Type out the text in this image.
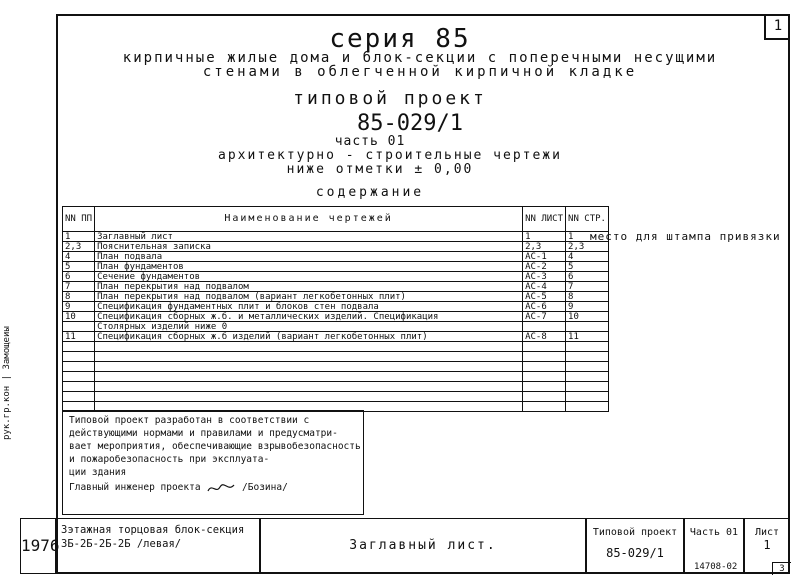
1
серия 85
кирпичные жилые дома и блок-секции с поперечными несущими
стенами в облегченной кирпичной кладке
типовой проект
85-029/1
часть 01
архитектурно - строительные чертежи
ниже отметки ± 0,00
содержание
место для штампа привязки
NN ПП	Наименование чертежей	NN ЛИСТ	NN СТР.
1	Заглавный лист	1	1
2,3	Пояснительная записка	2,3	2,3
4	План подвала	АС-1	4
5	План фундаментов	АС-2	5
6	Сечение фундаментов	АС-3	6
7	План перекрытия над подвалом	АС-4	7
8	План перекрытия над подвалом (вариант легкобетонных плит)	АС-5	8
9	Спецификация фундаментных плит и блоков стен подвала	АС-6	9
10	Спецификация сборных ж.б. и металлических изделий. Спецификация	АС-7	10
	Столярных изделий ниже 0		
11	Спецификация сборных ж.б изделий (вариант легкобетонных плит)	АС-8	11

Типовой проект разработан в соответствии с
действующими нормами и правилами и предусматри-
вает мероприятия, обеспечивающие взрывобезопасность
и пожаробезопасность при эксплуата-
ции здания
Главный инженер проекта	/Бозина/
рук.гр.кон | Замощеиы
1976
3этажная торцовая блок-секция
3Б-2Б-2Б-2Б /левая/	Заглавный лист.
Типовой проект
85-029/1
Часть 01	Лист
1
14708-02	3
